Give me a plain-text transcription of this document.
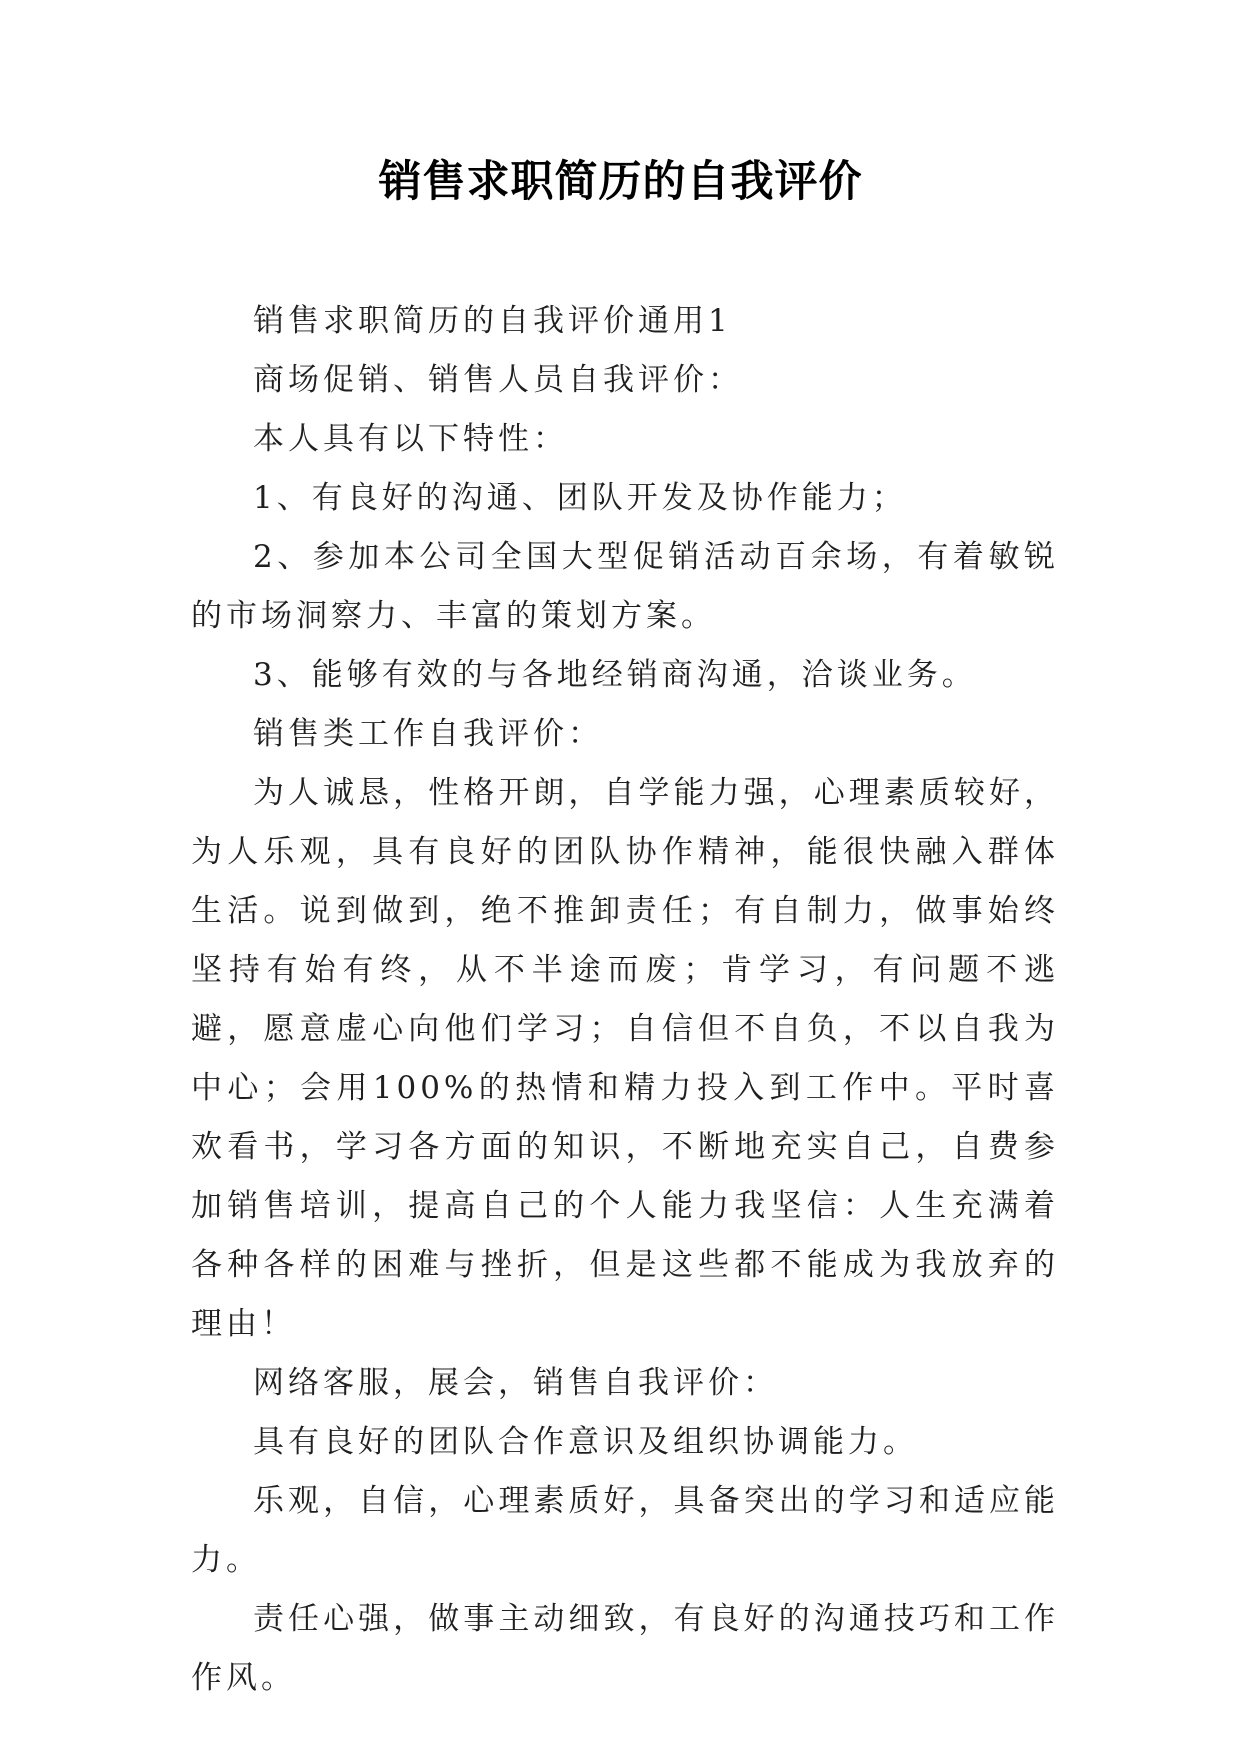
销售求职简历的自我评价

销售求职简历的自我评价通用1

商场促销、销售人员自我评价：

本人具有以下特性：

1、有良好的沟通、团队开发及协作能力；

2、参加本公司全国大型促销活动百余场，有着敏锐的市场洞察力、丰富的策划方案。

3、能够有效的与各地经销商沟通，洽谈业务。

销售类工作自我评价：

为人诚恳，性格开朗，自学能力强，心理素质较好，为人乐观，具有良好的团队协作精神，能很快融入群体生活。说到做到，绝不推卸责任；有自制力，做事始终坚持有始有终，从不半途而废；肯学习，有问题不逃避，愿意虚心向他们学习；自信但不自负，不以自我为中心；会用100%的热情和精力投入到工作中。平时喜欢看书，学习各方面的知识，不断地充实自己，自费参加销售培训，提高自己的个人能力我坚信：人生充满着各种各样的困难与挫折，但是这些都不能成为我放弃的理由！

网络客服，展会，销售自我评价：

具有良好的团队合作意识及组织协调能力。

乐观，自信，心理素质好，具备突出的学习和适应能力。

责任心强，做事主动细致，有良好的沟通技巧和工作作风。
